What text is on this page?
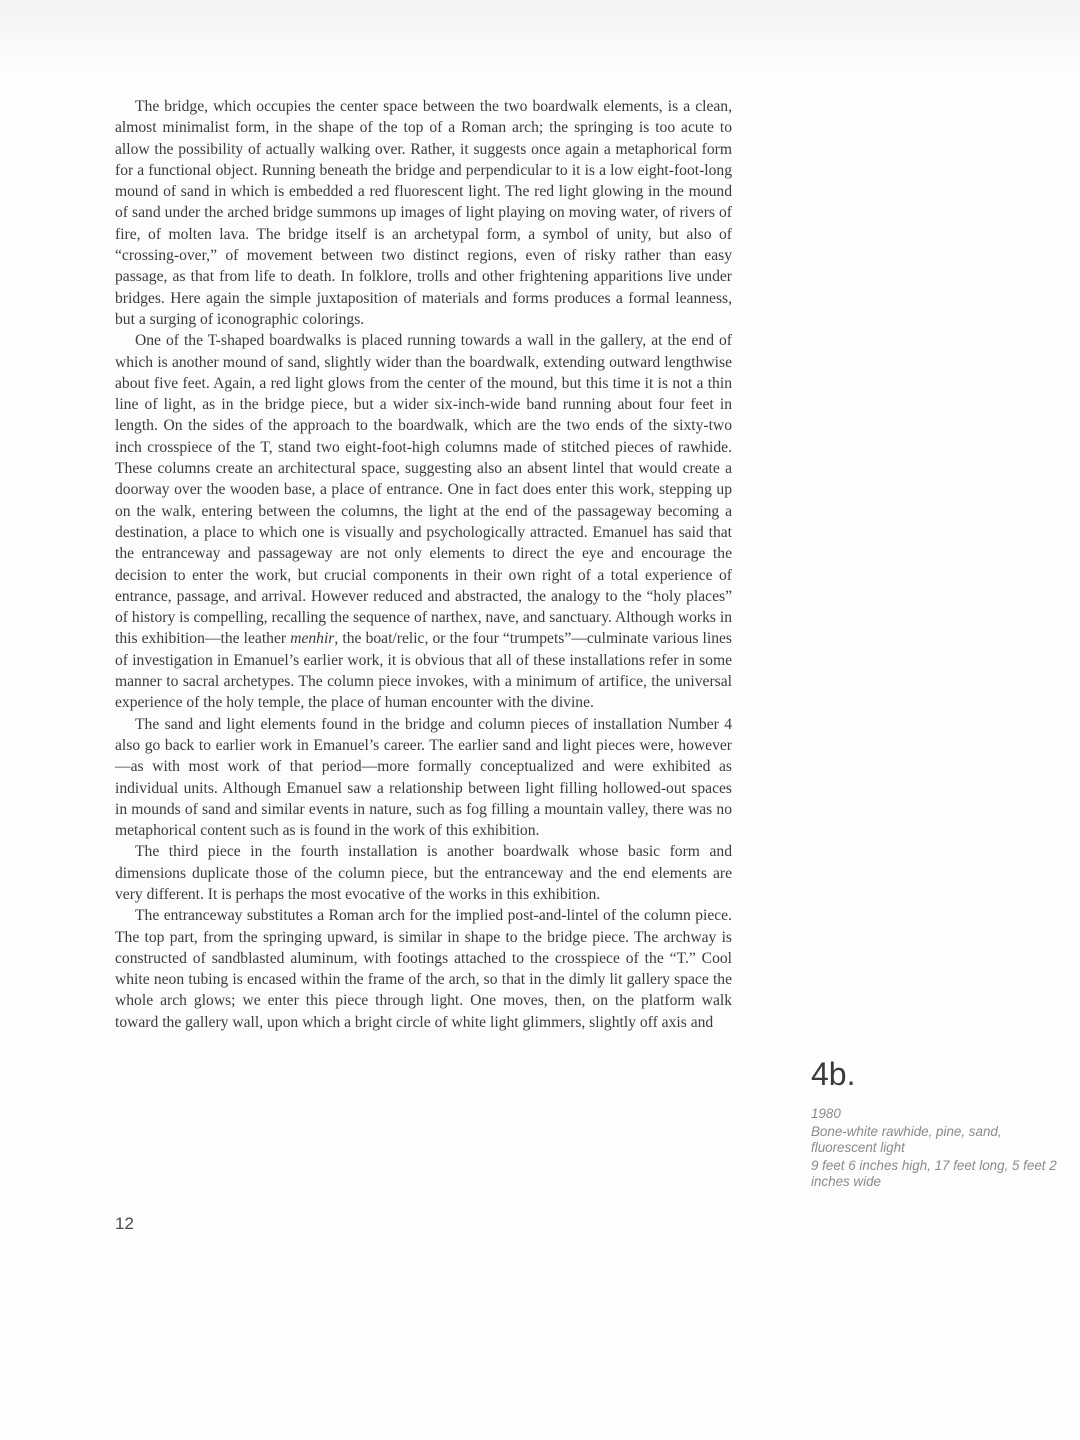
The bridge, which occupies the center space between the two boardwalk elements, is a clean, almost minimalist form, in the shape of the top of a Roman arch; the springing is too acute to allow the possibility of actually walking over. Rather, it suggests once again a metaphorical form for a functional object. Running beneath the bridge and perpendicular to it is a low eight-foot-long mound of sand in which is embedded a red fluorescent light. The red light glowing in the mound of sand under the arched bridge summons up images of light playing on moving water, of rivers of fire, of molten lava. The bridge itself is an archetypal form, a symbol of unity, but also of “crossing-over,” of movement between two distinct regions, even of risky rather than easy passage, as that from life to death. In folklore, trolls and other frightening apparitions live under bridges. Here again the simple juxtaposition of materials and forms produces a formal leanness, but a surging of iconographic colorings.

One of the T-shaped boardwalks is placed running towards a wall in the gallery, at the end of which is another mound of sand, slightly wider than the boardwalk, extending outward lengthwise about five feet. Again, a red light glows from the center of the mound, but this time it is not a thin line of light, as in the bridge piece, but a wider six-inch-wide band running about four feet in length. On the sides of the approach to the boardwalk, which are the two ends of the sixty-two inch crosspiece of the T, stand two eight-foot-high columns made of stitched pieces of rawhide. These columns create an architectural space, suggesting also an absent lintel that would create a doorway over the wooden base, a place of entrance. One in fact does enter this work, stepping up on the walk, entering between the columns, the light at the end of the passageway becoming a destination, a place to which one is visually and psychologically attracted. Emanuel has said that the entranceway and passageway are not only elements to direct the eye and encourage the decision to enter the work, but crucial components in their own right of a total experience of entrance, passage, and arrival. However reduced and abstracted, the analogy to the “holy places” of history is compelling, recalling the sequence of narthex, nave, and sanctuary. Although works in this exhibition—the leather menhir, the boat/relic, or the four “trumpets”—culminate various lines of investigation in Emanuel’s earlier work, it is obvious that all of these installations refer in some manner to sacral archetypes. The column piece invokes, with a minimum of artifice, the universal experience of the holy temple, the place of human encounter with the divine.

The sand and light elements found in the bridge and column pieces of installation Number 4 also go back to earlier work in Emanuel’s career. The earlier sand and light pieces were, however—as with most work of that period—more formally conceptualized and were exhibited as individual units. Although Emanuel saw a relationship between light filling hollowed-out spaces in mounds of sand and similar events in nature, such as fog filling a mountain valley, there was no metaphorical content such as is found in the work of this exhibition.

The third piece in the fourth installation is another boardwalk whose basic form and dimensions duplicate those of the column piece, but the entranceway and the end elements are very different. It is perhaps the most evocative of the works in this exhibition.

The entranceway substitutes a Roman arch for the implied post-and-lintel of the column piece. The top part, from the springing upward, is similar in shape to the bridge piece. The archway is constructed of sandblasted aluminum, with footings attached to the crosspiece of the “T.” Cool white neon tubing is encased within the frame of the arch, so that in the dimly lit gallery space the whole arch glows; we enter this piece through light. One moves, then, on the platform walk toward the gallery wall, upon which a bright circle of white light glimmers, slightly off axis and

12
4b.
1980
Bone-white rawhide, pine, sand, fluorescent light
9 feet 6 inches high, 17 feet long, 5 feet 2 inches wide
